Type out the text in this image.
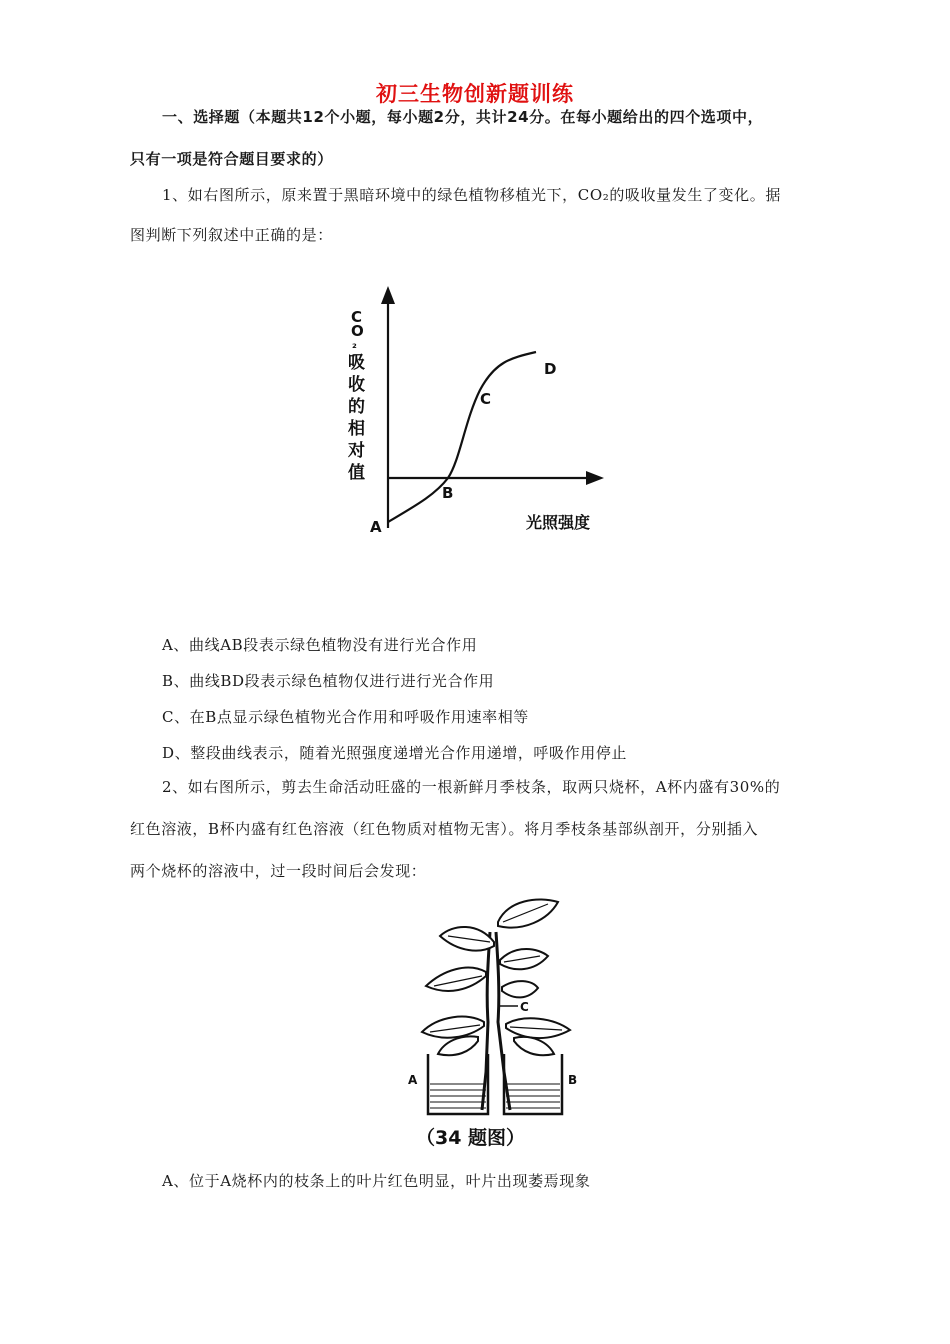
初三生物创新题训练
一、选择题（本题共12个小题，每小题2分，共计24分。在每小题给出的四个选项中，
只有一项是符合题目要求的）
1、如右图所示，原来置于黑暗环境中的绿色植物移植光下，CO₂的吸收量发生了变化。据
图判断下列叙述中正确的是：
C
O
₂
吸
收
的
相
对
值
A
B
C
D
光照强度
A、曲线AB段表示绿色植物没有进行光合作用
B、曲线BD段表示绿色植物仅进行进行光合作用
C、在B点显示绿色植物光合作用和呼吸作用速率相等
D、整段曲线表示，随着光照强度递增光合作用递增，呼吸作用停止
2、如右图所示，剪去生命活动旺盛的一根新鲜月季枝条，取两只烧杯，A杯内盛有30%的
红色溶液，B杯内盛有红色溶液（红色物质对植物无害）。将月季枝条基部纵剖开，分别插入
两个烧杯的溶液中，过一段时间后会发现：
C
A	B
（34 题图）
A、位于A烧杯内的枝条上的叶片红色明显，叶片出现萎焉现象
